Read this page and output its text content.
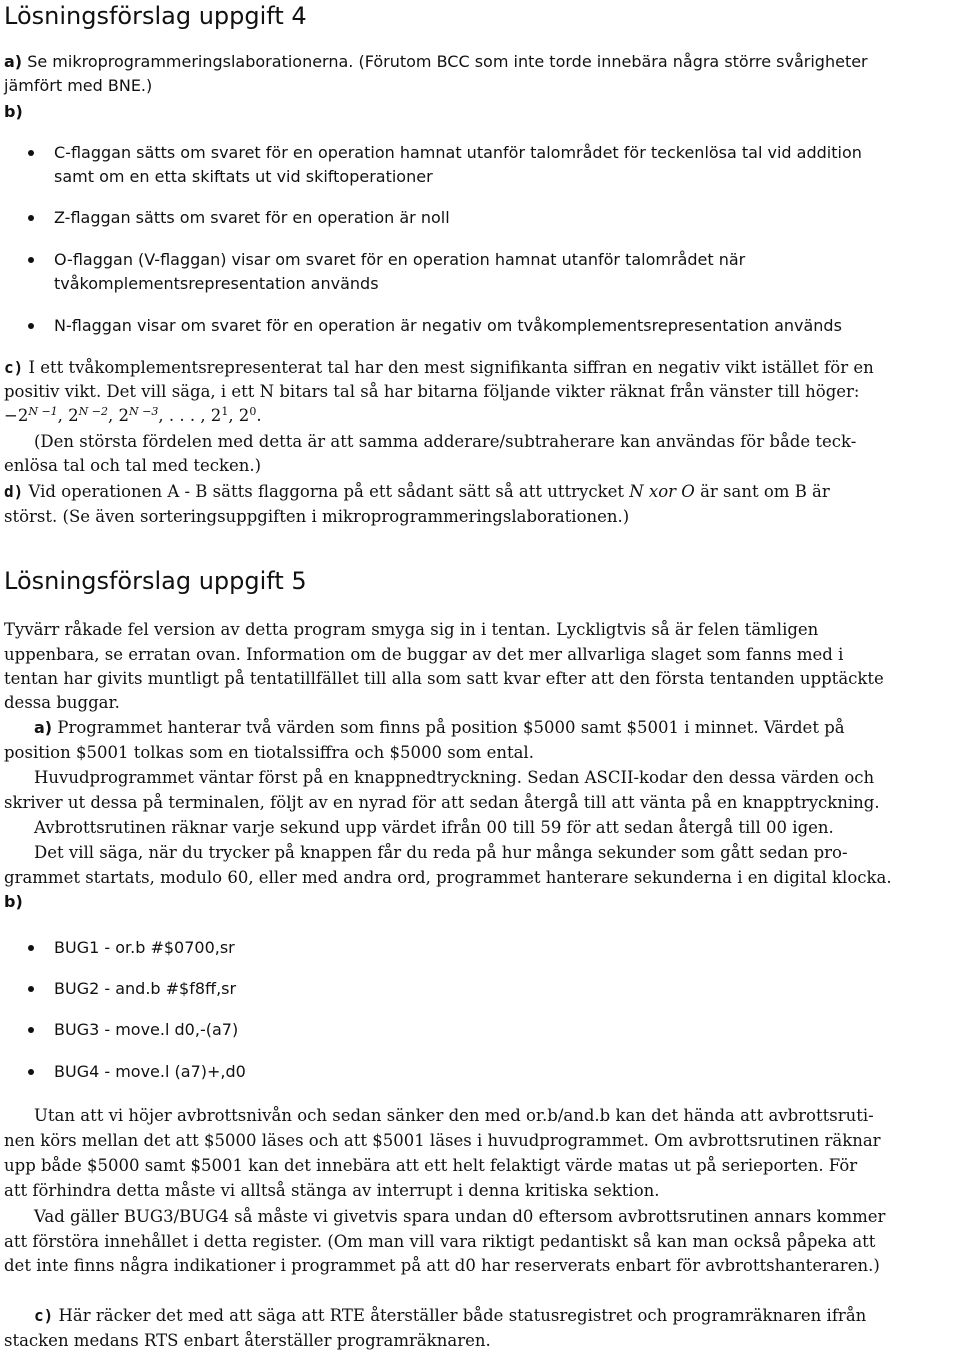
Lösningsförslag uppgift 4
a) Se mikroprogrammeringslaborationerna. (Förutom BCC som inte torde innebära några större svårigheter
jämfört med BNE.)
b)
C-flaggan sätts om svaret för en operation hamnat utanför talområdet för teckenlösa tal vid addition
samt om en etta skiftats ut vid skiftoperationer
Z-flaggan sätts om svaret för en operation är noll
O-flaggan (V-flaggan) visar om svaret för en operation hamnat utanför talområdet när
tvåkomplementsrepresentation används
N-flaggan visar om svaret för en operation är negativ om tvåkomplementsrepresentation används
c) I ett tvåkomplementsrepresenterat tal har den mest signifikanta siffran en negativ vikt istället för en
positiv vikt. Det vill säga, i ett N bitars tal så har bitarna följande vikter räknat från vänster till höger:
$-2^{N -1}$, $2^{N -2}$, $2^{N -3}$, . . . , $2^1$, $2^0$.
(Den största fördelen med detta är att samma adderare/subtraherare kan användas för både teck-
enlösa tal och tal med tecken.)
d) Vid operationen A - B sätts flaggorna på ett sådant sätt så att uttrycket N xor O är sant om B är
störst. (Se även sorteringsuppgiften i mikroprogrammeringslaborationen.)
Lösningsförslag uppgift 5
Tyvärr råkade fel version av detta program smyga sig in i tentan. Lyckligtvis så är felen tämligen
uppenbara, se erratan ovan. Information om de buggar av det mer allvarliga slaget som fanns med i
tentan har givits muntligt på tentatillfället till alla som satt kvar efter att den första tentanden upptäckte
dessa buggar.
a) Programmet hanterar två värden som finns på position $5000 samt $5001 i minnet. Värdet på
position $5001 tolkas som en tiotalssiffra och $5000 som ental.
Huvudprogrammet väntar först på en knappnedtryckning. Sedan ASCII-kodar den dessa värden och
skriver ut dessa på terminalen, följt av en nyrad för att sedan återgå till att vänta på en knapptryckning.
Avbrottsrutinen räknar varje sekund upp värdet ifrån 00 till 59 för att sedan återgå till 00 igen.
Det vill säga, när du trycker på knappen får du reda på hur många sekunder som gått sedan pro-
grammet startats, modulo 60, eller med andra ord, programmet hanterare sekunderna i en digital klocka.
b)
BUG1 - or.b #$0700,sr
BUG2 - and.b #$f8ff,sr
BUG3 - move.l d0,-(a7)
BUG4 - move.l (a7)+,d0
Utan att vi höjer avbrottsnivån och sedan sänker den med or.b/and.b kan det hända att avbrottsruti-
nen körs mellan det att $5000 läses och att $5001 läses i huvudprogrammet. Om avbrottsrutinen räknar
upp både $5000 samt $5001 kan det innebära att ett helt felaktigt värde matas ut på serieporten. För
att förhindra detta måste vi alltså stänga av interrupt i denna kritiska sektion.
Vad gäller BUG3/BUG4 så måste vi givetvis spara undan d0 eftersom avbrottsrutinen annars kommer
att förstöra innehållet i detta register. (Om man vill vara riktigt pedantiskt så kan man också påpeka att
det inte finns några indikationer i programmet på att d0 har reserverats enbart för avbrottshanteraren.)
c) Här räcker det med att säga att RTE återställer både statusregistret och programräknaren ifrån
stacken medans RTS enbart återställer programräknaren.
